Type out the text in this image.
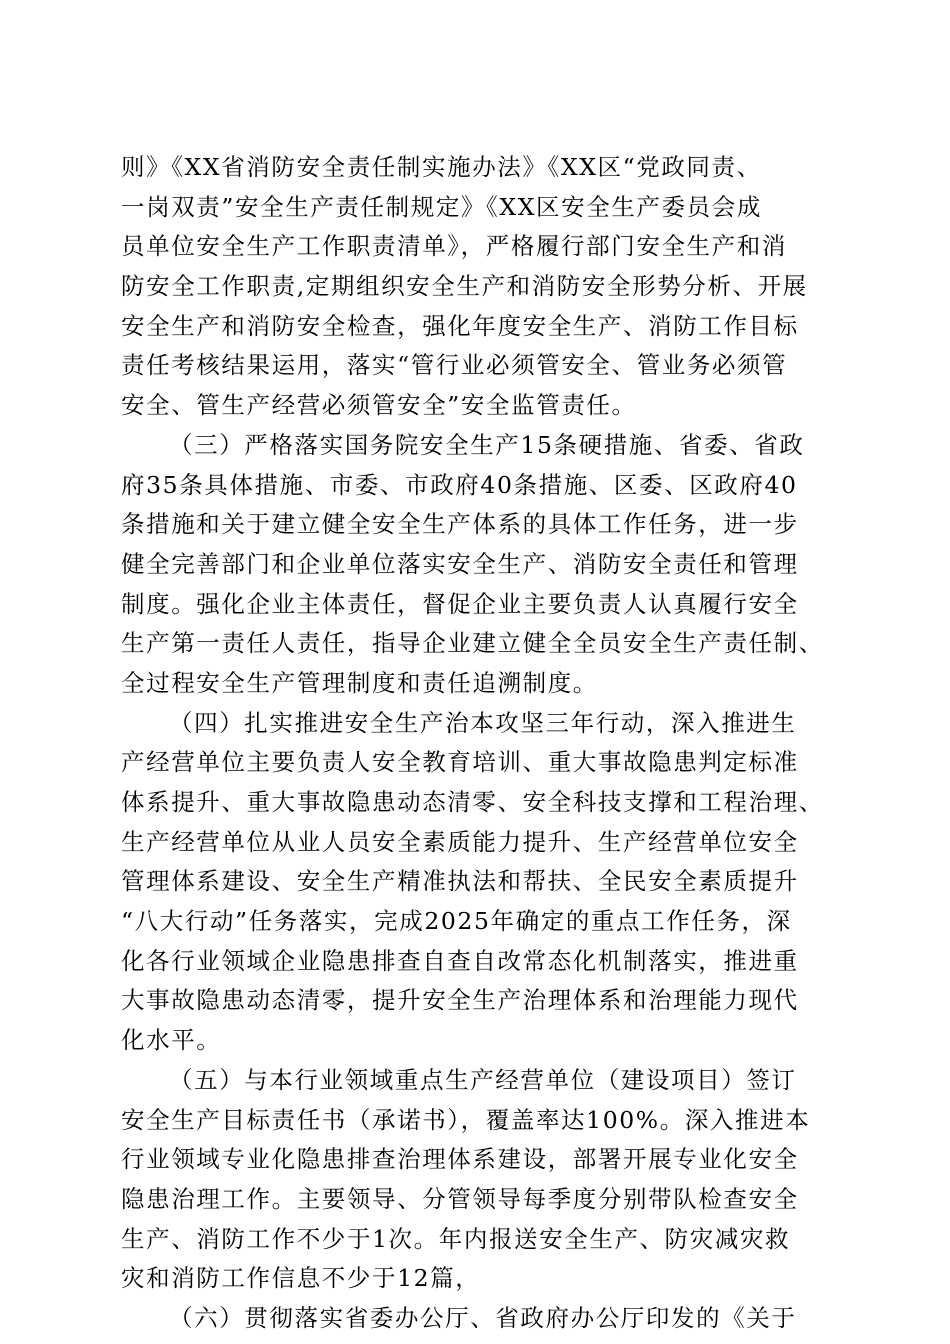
则》《XX省消防安全责任制实施办法》《XX区“党政同责、
一岗双责”安全生产责任制规定》《XX区安全生产委员会成
员单位安全生产工作职责清单》，严格履行部门安全生产和消
防安全工作职责,定期组织安全生产和消防安全形势分析、开展
安全生产和消防安全检查，强化年度安全生产、消防工作目标
责任考核结果运用，落实“管行业必须管安全、管业务必须管
安全、管生产经营必须管安全”安全监管责任。
（三）严格落实国务院安全生产15条硬措施、省委、省政
府35条具体措施、市委、市政府40条措施、区委、区政府40
条措施和关于建立健全安全生产体系的具体工作任务，进一步
健全完善部门和企业单位落实安全生产、消防安全责任和管理
制度。强化企业主体责任，督促企业主要负责人认真履行安全
生产第一责任人责任，指导企业建立健全全员安全生产责任制、
全过程安全生产管理制度和责任追溯制度。
（四）扎实推进安全生产治本攻坚三年行动，深入推进生
产经营单位主要负责人安全教育培训、重大事故隐患判定标准
体系提升、重大事故隐患动态清零、安全科技支撑和工程治理、
生产经营单位从业人员安全素质能力提升、生产经营单位安全
管理体系建设、安全生产精准执法和帮扶、全民安全素质提升
“八大行动”任务落实，完成2025年确定的重点工作任务，深
化各行业领域企业隐患排查自查自改常态化机制落实，推进重
大事故隐患动态清零，提升安全生产治理体系和治理能力现代
化水平。
（五）与本行业领域重点生产经营单位（建设项目）签订
安全生产目标责任书（承诺书），覆盖率达100%。深入推进本
行业领域专业化隐患排查治理体系建设，部署开展专业化安全
隐患治理工作。主要领导、分管领导每季度分别带队检查安全
生产、消防工作不少于1次。年内报送安全生产、防灾减灾救
灾和消防工作信息不少于12篇，
（六）贯彻落实省委办公厅、省政府办公厅印发的《关于
